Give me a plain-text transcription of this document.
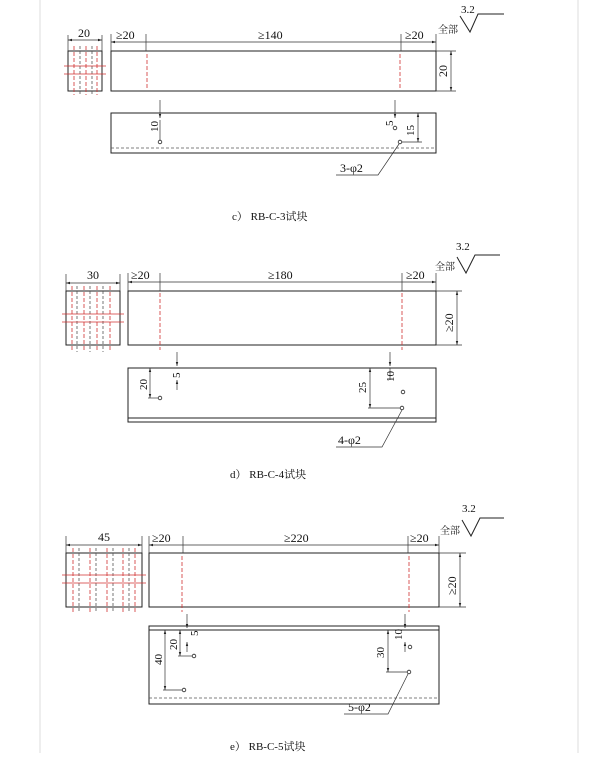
3.2
全部
20 ≥20	≥140	≥20
20
10	5
15
3-φ2
c） RB-C-3试块
3.2
全部
30	≥20	≥180	≥20
≥20
5
20
10
25
4-φ2
d） RB-C-4试块
3.2
全部
45	≥20	≥220	≥20
≥20
5
20
40
10
30
5-φ2
e） RB-C-5试块
